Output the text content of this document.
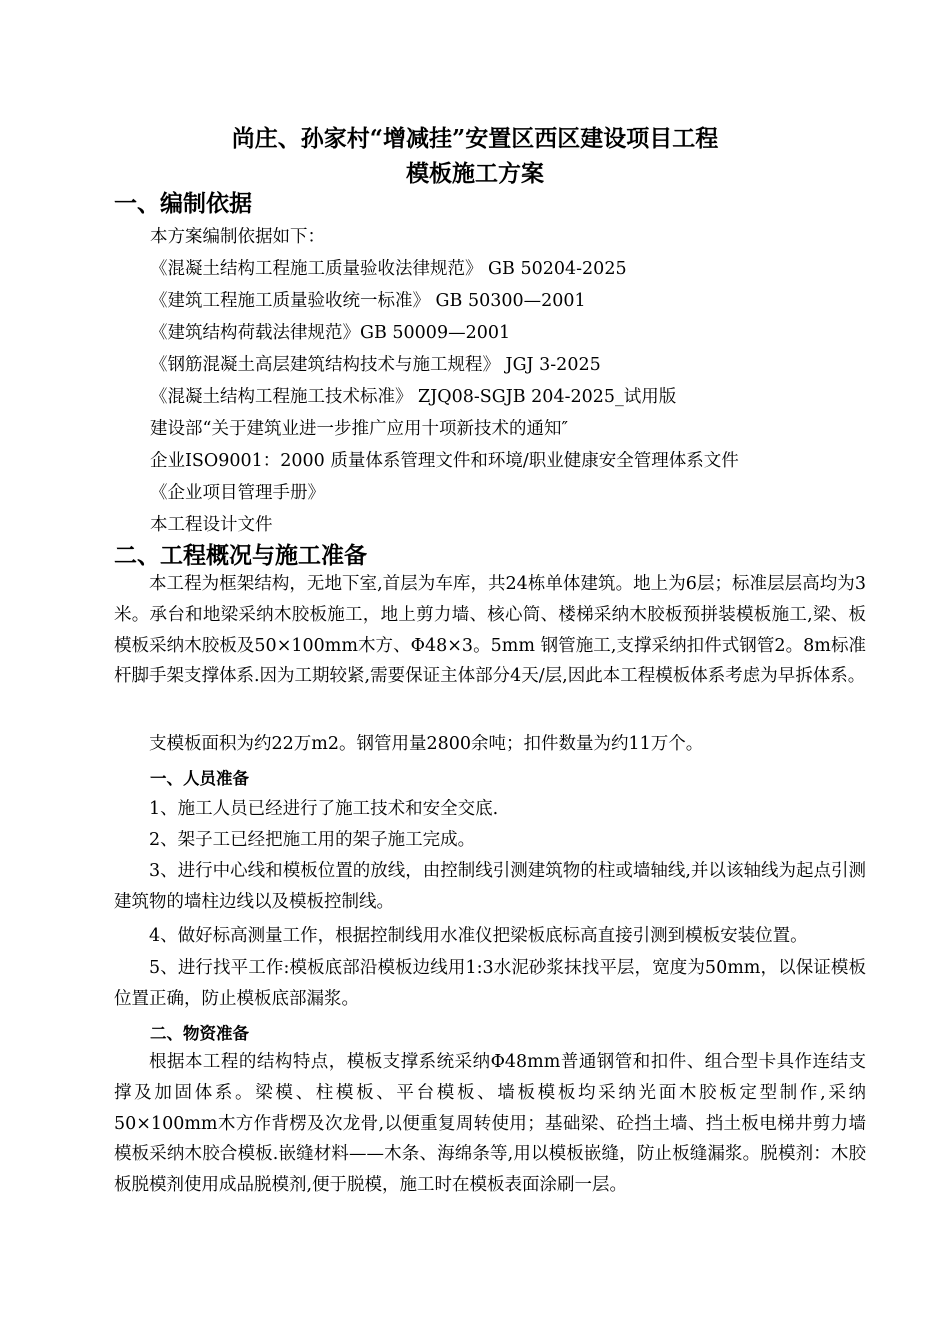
尚庄、孙家村“增减挂”安置区西区建设项目工程
模板施工方案
一、编制依据
本方案编制依据如下：
《混凝土结构工程施工质量验收法律规范》 GB 50204-2025
《建筑工程施工质量验收统一标准》 GB 50300—2001
《建筑结构荷载法律规范》GB 50009—2001
《钢筋混凝土高层建筑结构技术与施工规程》 JGJ 3-2025
《混凝土结构工程施工技术标准》 ZJQ08-SGJB 204-2025_试用版
建设部“关于建筑业进一步推广应用十项新技术的通知″
企业ISO9001：2000 质量体系管理文件和环境/职业健康安全管理体系文件
《企业项目管理手册》
本工程设计文件
二、工程概况与施工准备

本工程为框架结构，无地下室,首层为车库，共24栋单体建筑。地上为6层；标准层层高均为3米。承台和地梁采纳木胶板施工，地上剪力墙、核心筒、楼梯采纳木胶板预拼装模板施工,梁、板模板采纳木胶板及50×100mm木方、Φ48×3。5mm 钢管施工,支撑采纳扣件式钢管2。8m标准杆脚手架支撑体系.因为工期较紧,需要保证主体部分4天/层,因此本工程模板体系考虑为早拆体系。

支模板面积为约22万m2。钢管用量2800余吨；扣件数量为约11万个。

一、人员准备

1、施工人员已经进行了施工技术和安全交底.

2、架子工已经把施工用的架子施工完成。

3、进行中心线和模板位置的放线，由控制线引测建筑物的柱或墙轴线,并以该轴线为起点引测建筑物的墙柱边线以及模板控制线。

4、做好标高测量工作，根据控制线用水准仪把梁板底标高直接引测到模板安装位置。

5、进行找平工作:模板底部沿模板边线用1:3水泥砂浆抹找平层，宽度为50mm，以保证模板位置正确，防止模板底部漏浆。

二、物资准备

根据本工程的结构特点，模板支撑系统采纳Φ48mm普通钢管和扣件、组合型卡具作连结支撑及加固体系。梁模、柱模板、平台模板、墙板模板均采纳光面木胶板定型制作,采纳50×100mm木方作背楞及次龙骨,以便重复周转使用；基础梁、砼挡土墙、挡土板电梯井剪力墙模板采纳木胶合模板.嵌缝材料——木条、海绵条等,用以模板嵌缝，防止板缝漏浆。脱模剂：木胶板脱模剂使用成品脱模剂,便于脱模，施工时在模板表面涂刷一层。
